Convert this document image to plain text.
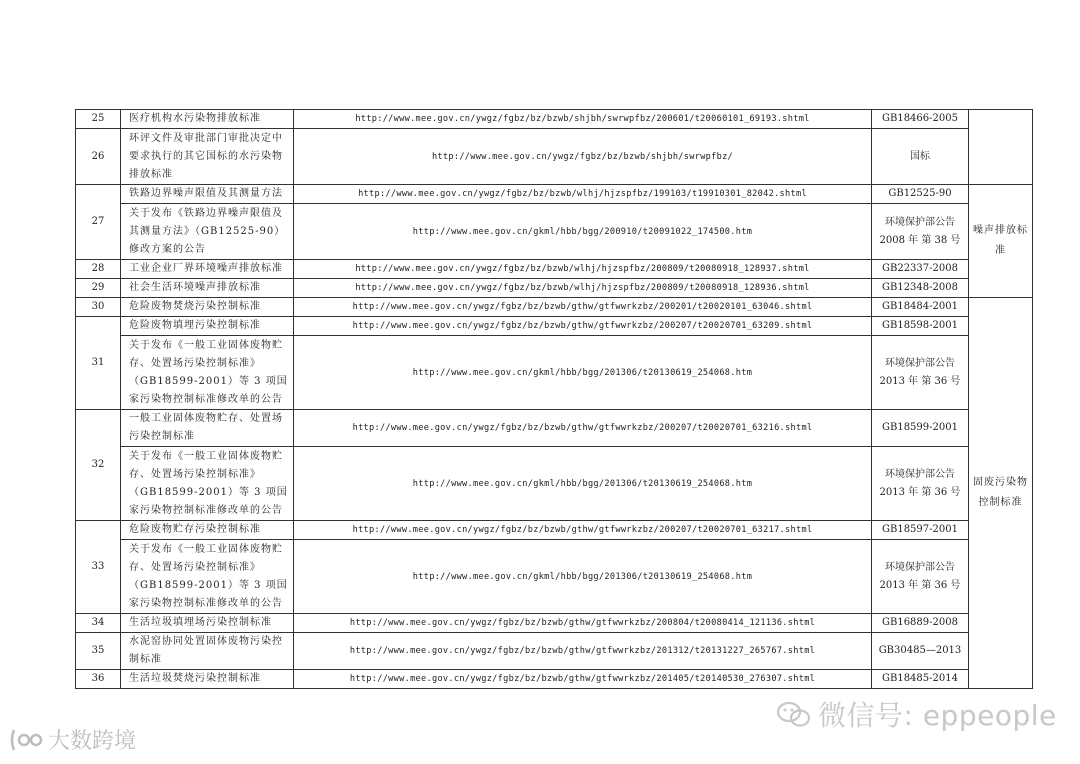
25	医疗机构水污染物排放标准	http://www.mee.gov.cn/ywgz/fgbz/bz/bzwb/shjbh/swrwpfbz/200601/t20060101_69193.shtml	GB18466-2005	
26	环评文件及审批部门审批决定中要求执行的其它国标的水污染物排放标准	http://www.mee.gov.cn/ywgz/fgbz/bz/bzwb/shjbh/swrwpfbz/	国标	
27	铁路边界噪声限值及其测量方法	http://www.mee.gov.cn/ywgz/fgbz/bz/bzwb/wlhj/hjzspfbz/199103/t19910301_82042.shtml	GB12525-90	噪声排放标准
	关于发布《铁路边界噪声限值及其测量方法》（GB12525-90）修改方案的公告	http://www.mee.gov.cn/gkml/hbb/bgg/200910/t20091022_174500.htm	环境保护部公告 2008 年 第 38 号	
28	工业企业厂界环境噪声排放标准	http://www.mee.gov.cn/ywgz/fgbz/bz/bzwb/wlhj/hjzspfbz/200809/t20080918_128937.shtml	GB22337-2008	
29	社会生活环境噪声排放标准	http://www.mee.gov.cn/ywgz/fgbz/bz/bzwb/wlhj/hjzspfbz/200809/t20080918_128936.shtml	GB12348-2008	
30	危险废物焚烧污染控制标准	http://www.mee.gov.cn/ywgz/fgbz/bz/bzwb/gthw/gtfwwrkzbz/200201/t20020101_63046.shtml	GB18484-2001	固废污染物控制标准
31	危险废物填埋污染控制标准	http://www.mee.gov.cn/ywgz/fgbz/bz/bzwb/gthw/gtfwwrkzbz/200207/t20020701_63209.shtml	GB18598-2001	
	关于发布《一般工业固体废物贮存、处置场污染控制标准》（GB18599-2001）等 3 项国家污染物控制标准修改单的公告	http://www.mee.gov.cn/gkml/hbb/bgg/201306/t20130619_254068.htm	环境保护部公告 2013 年 第 36 号	
32	一般工业固体废物贮存、处置场污染控制标准	http://www.mee.gov.cn/ywgz/fgbz/bz/bzwb/gthw/gtfwwrkzbz/200207/t20020701_63216.shtml	GB18599-2001	
	关于发布《一般工业固体废物贮存、处置场污染控制标准》（GB18599-2001）等 3 项国家污染物控制标准修改单的公告	http://www.mee.gov.cn/gkml/hbb/bgg/201306/t20130619_254068.htm	环境保护部公告 2013 年 第 36 号	
33	危险废物贮存污染控制标准	http://www.mee.gov.cn/ywgz/fgbz/bz/bzwb/gthw/gtfwwrkzbz/200207/t20020701_63217.shtml	GB18597-2001	
	关于发布《一般工业固体废物贮存、处置场污染控制标准》（GB18599-2001）等 3 项国家污染物控制标准修改单的公告	http://www.mee.gov.cn/gkml/hbb/bgg/201306/t20130619_254068.htm	环境保护部公告 2013 年 第 36 号	
34	生活垃圾填埋场污染控制标准	http://www.mee.gov.cn/ywgz/fgbz/bz/bzwb/gthw/gtfwwrkzbz/200804/t20080414_121136.shtml	GB16889-2008	
35	水泥窑协同处置固体废物污染控制标准	http://www.mee.gov.cn/ywgz/fgbz/bz/bzwb/gthw/gtfwwrkzbz/201312/t20131227_265767.shtml	GB30485—2013	
36	生活垃圾焚烧污染控制标准	http://www.mee.gov.cn/ywgz/fgbz/bz/bzwb/gthw/gtfwwrkzbz/201405/t20140530_276307.shtml	GB18485-2014	
微信号: eppeople
大数跨境
